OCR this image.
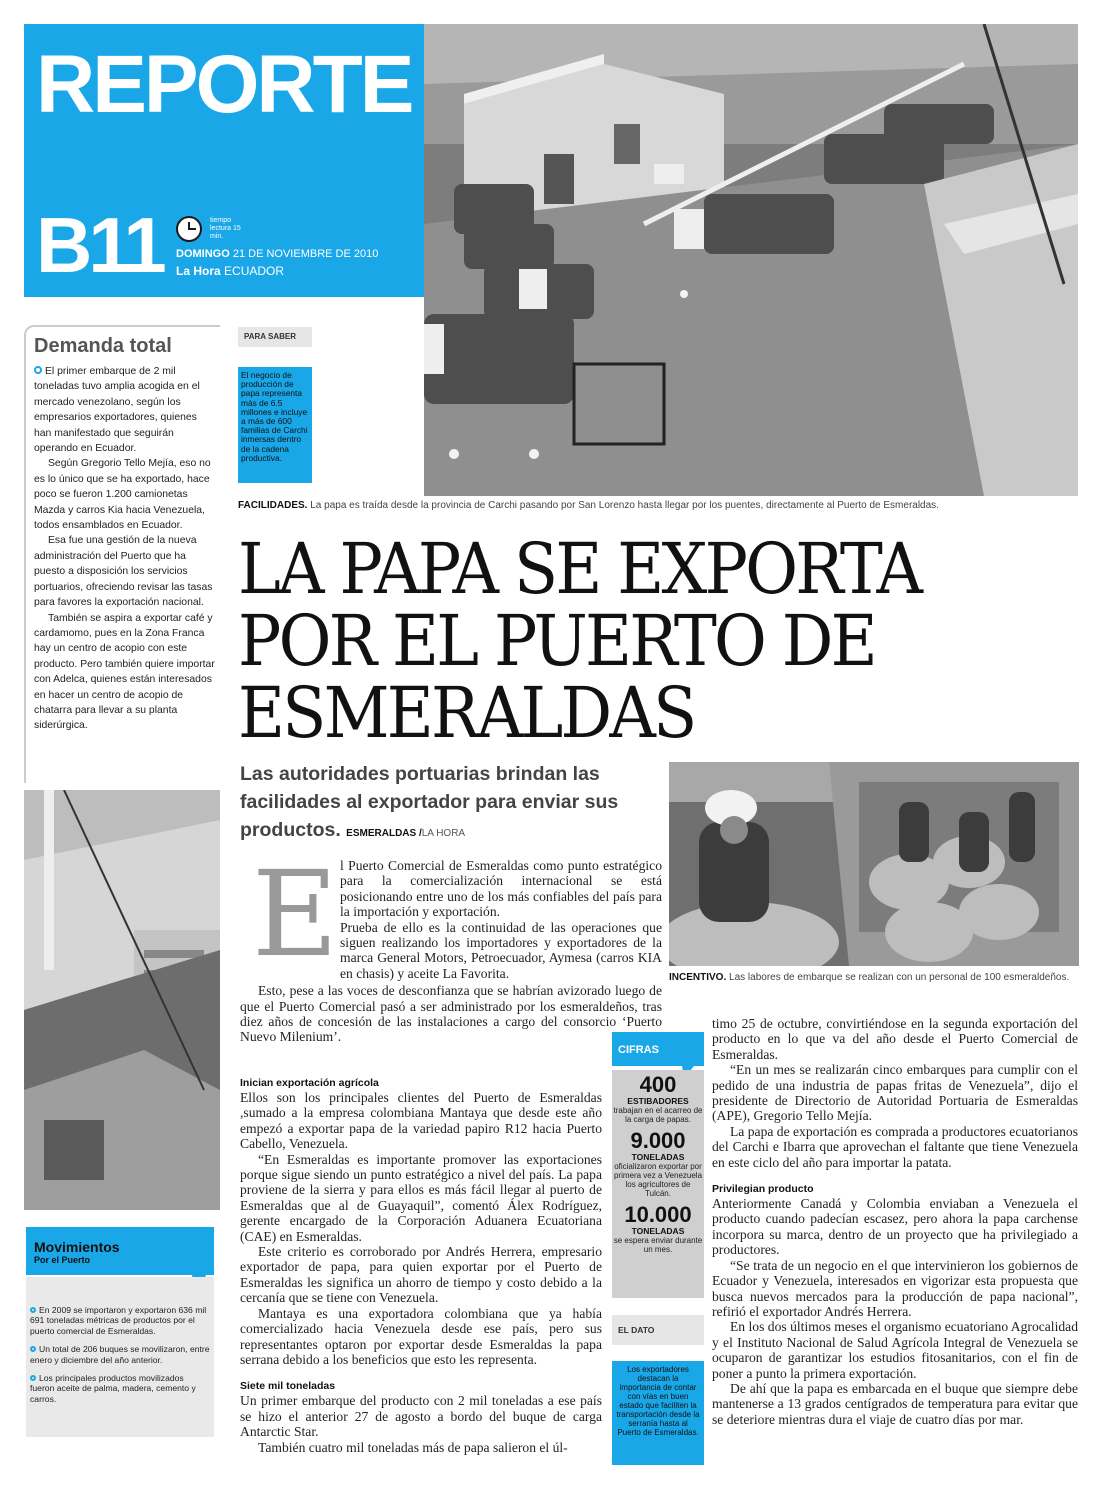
REPORTE
B11	tiempo lectura 15 min.
DOMINGO 21 DE NOVIEMBRE DE 2010
La Hora ECUADOR
PARA SABER
El negocio de producción de papa representa más de 6.5 millones e incluye a más de 600 familias de Carchi inmersas dentro de la cadena productiva.
FACILIDADES. La papa es traída desde la provincia de Carchi pasando por San Lorenzo hasta llegar por los puentes, directamente al Puerto de Esmeraldas.
LA PAPA SE EXPORTA POR EL PUERTO DE ESMERALDAS
Las autoridades portuarias brindan las facilidades al exportador para enviar sus productos. ESMERALDAS /LA HORA
Demanda total

El primer embarque de 2 mil toneladas tuvo amplia acogida en el mercado venezolano, según los empresarios exportadores, quienes han manifestado que seguirán operando en Ecuador.

Según Gregorio Tello Mejía, eso no es lo único que se ha exportado, hace poco se fueron 1.200 camionetas Mazda y carros Kia hacia Venezuela, todos ensamblados en Ecuador.

Esa fue una gestión de la nueva administración del Puerto que ha puesto a disposición los servicios portuarios, ofreciendo revisar las tasas para favores la exportación nacional.

También se aspira a exportar café y cardamomo, pues en la Zona Franca hay un centro de acopio con este producto. Pero también quiere importar con Adelca, quienes están interesados en hacer un centro de acopio de chatarra para llevar a su planta siderúrgica.

Movimientos
Por el Puerto

En 2009 se importaron y exportaron 636 mil 691 toneladas métricas de productos por el puerto comercial de Esmeraldas.

Un total de 206 buques se movilizaron, entre enero y diciembre del año anterior.

Los principales productos movilizados fueron aceite de palma, madera, cemento y carros.

E l Puerto Comercial de Esmeraldas como punto estratégico para la comercialización internacional se está posicionando entre uno de los más confiables del país para la importación y exportación.

Prueba de ello es la continuidad de las operaciones que siguen realizando los importadores y exportadores de la marca General Motors, Petroecuador, Aymesa (carros KIA en chasis) y aceite La Favorita.

Esto, pese a las voces de desconfianza que se habrían avizorado luego de que el Puerto Comercial pasó a ser administrado por los esmeraldeños, tras diez años de concesión de las instalaciones a cargo del consorcio ‘Puerto Nuevo Milenium’.

Inician exportación agrícola

Ellos son los principales clientes del Puerto de Esmeraldas ,sumado a la empresa colombiana Mantaya que desde este año empezó a exportar papa de la variedad papiro R12 hacia Puerto Cabello, Venezuela.

“En Esmeraldas es importante promover las exportaciones porque sigue siendo un punto estratégico a nivel del país. La papa proviene de la sierra y para ellos es más fácil llegar al puerto de Esmeraldas que al de Guayaquil”, comentó Álex Rodríguez, gerente encargado de la Corporación Aduanera Ecuatoriana (CAE) en Esmeraldas.

Este criterio es corroborado por Andrés Herrera, empresario exportador de papa, para quien exportar por el Puerto de Esmeraldas les significa un ahorro de tiempo y costo debido a la cercanía que se tiene con Venezuela.

Mantaya es una exportadora colombiana que ya había comercializado hacia Venezuela desde ese país, pero sus representantes optaron por exportar desde Esmeraldas la papa serrana debido a los beneficios que esto les representa.

Siete mil toneladas

Un primer embarque del producto con 2 mil toneladas a ese país se hizo el anterior 27 de agosto a bordo del buque de carga Antarctic Star.

También cuatro mil toneladas más de papa salieron el úl-

CIFRAS
400
ESTIBADORES
trabajan en el acarreo de la carga de papas.
9.000
TONELADAS
oficializaron exportar por primera vez a Venezuela los agricultores de Tulcán.
10.000
TONELADAS
se espera enviar durante un mes.
EL DATO
Los exportadores destacan la importancia de contar con vías en buen estado que faciliten la transportación desde la serranía hasta al Puerto de Esmeraldas.
INCENTIVO. Las labores de embarque se realizan con un personal de 100 esmeraldeños.

timo 25 de octubre, convirtiéndose en la segunda exportación del producto en lo que va del año desde el Puerto Comercial de Esmeraldas.

“En un mes se realizarán cinco embarques para cumplir con el pedido de una industria de papas fritas de Venezuela”, dijo el presidente de Directorio de Autoridad Portuaria de Esmeraldas (APE), Gregorio Tello Mejía.

La papa de exportación es comprada a productores ecuatorianos del Carchi e Ibarra que aprovechan el faltante que tiene Venezuela en este ciclo del año para importar la patata.

Privilegian producto

Anteriormente Canadá y Colombia enviaban a Venezuela el producto cuando padecían escasez, pero ahora la papa carchense incorpora su marca, dentro de un proyecto que ha privilegiado a productores.

“Se trata de un negocio en el que intervinieron los gobiernos de Ecuador y Venezuela, interesados en vigorizar esta propuesta que busca nuevos mercados para la producción de papa nacional”, refirió el exportador Andrés Herrera.

En los dos últimos meses el organismo ecuatoriano Agrocalidad y el Instituto Nacional de Salud Agrícola Integral de Venezuela se ocuparon de garantizar los estudios fitosanitarios, con el fin de poner a punto la primera exportación.

De ahí que la papa es embarcada en el buque que siempre debe mantenerse a 13 grados centígrados de temperatura para evitar que se deteriore mientras dura el viaje de cuatro días por mar.
